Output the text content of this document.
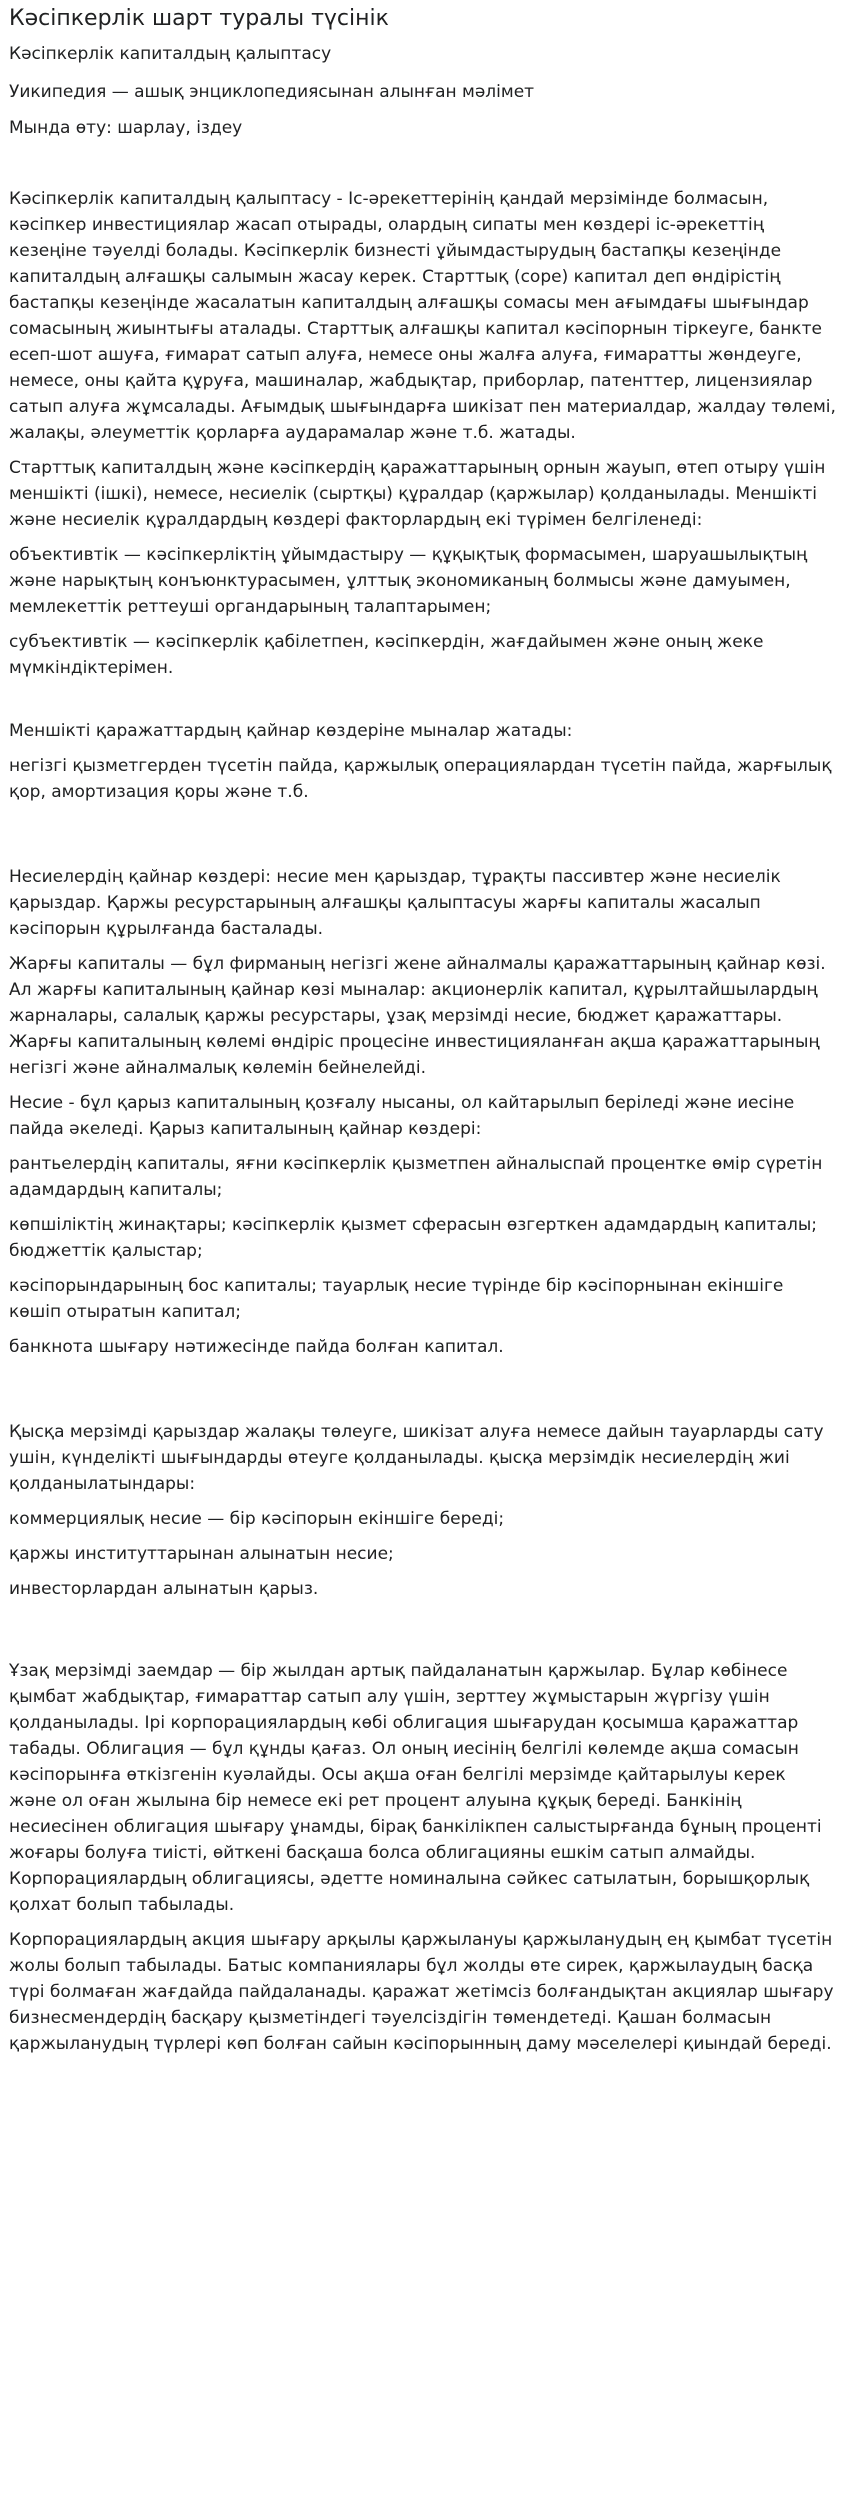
Кәсіпкерлік шарт туралы түсінік
Кәсіпкерлік капиталдың қалыптасу
Уикипедия — ашық энциклопедиясынан алынған мәлімет
Мында өту: шарлау, іздеу

Кәсіпкерлік капиталдың қалыптасу - Іс-әрекеттерінің қандай мерзімінде болмасын, кәсіпкер инвестициялар жасап отырады, олардың сипаты мен көздері іс-әрекеттің кезеңіне тәуелді болады. Кәсіпкерлік бизнесті ұйымдастырудың бастапқы кезеңінде капиталдың алғашқы салымын жасау керек. Старттық (соре) капитал деп өндірістің бастапқы кезеңінде жасалатын капиталдың алғашқы сомасы мен ағымдағы шығындар сомасының жиынтығы аталады. Старттық алғашқы капитал кәсіпорнын тіркеуге, банкте есеп-шот ашуға, ғимарат сатып алуға, немесе оны жалға алуға, ғимаратты жөндеуге, немесе, оны қайта құруға, машиналар, жабдықтар, приборлар, патенттер, лицензиялар сатып алуға жұмсалады. Ағымдық шығындарға шикізат пен материалдар, жалдау төлемі, жалақы, әлеуметтік қорларға аударамалар және т.б. жатады.

Старттық капиталдың және кәсіпкердің қаражаттарының орнын жауып, өтеп отыру үшін меншікті (ішкі), немесе, несиелік (сыртқы) құралдар (қаржылар) қолданылады. Меншікті және несиелік құралдардың көздері факторлардың екі түрімен белгіленеді:

объективтік — кәсіпкерліктің ұйымдастыру — құқықтық формасымен, шаруашылықтың және нарықтың конъюнктурасымен, ұлттық экономиканың болмысы және дамуымен, мемлекеттік реттеуші органдарының талаптарымен;

субъективтік — кәсіпкерлік қабілетпен, кәсіпкердін, жағдайымен және оның жеке мүмкіндіктерімен.

Меншікті қаражаттардың қайнар көздеріне мыналар жатады:

негізгі қызметгерден түсетін пайда, қаржылық операциялардан түсетін пайда, жарғылық қор, амортизация қоры және т.б.

Несиелердің қайнар көздері: несие мен қарыздар, тұрақты пассивтер және несиелік қарыздар. Қаржы ресурстарының алғашқы қалыптасуы жарғы капиталы жасалып кәсіпорын құрылғанда басталады.

Жарғы капиталы — бұл фирманың негізгі жене айналмалы қаражаттарының қайнар көзі. Ал жарғы капиталының қайнар көзі мыналар: акционерлік капитал, құрылтайшылардың жарналары, салалық қаржы ресурстары, ұзақ мерзімді несие, бюджет қаражаттары. Жарғы капиталының көлемі өндіріс процесіне инвестицияланған ақша қаражаттарының негізгі және айналмалық көлемін бейнелейді.

Несие - бұл қарыз капиталының қозғалу нысаны, ол кайтарылып беріледі және иесіне пайда әкеледі. Қарыз капиталының қайнар көздері:

рантьелердің капиталы, яғни кәсіпкерлік қызметпен айналыспай процентке өмір сүретін адамдардың капиталы;

көпшіліктің жинақтары; кәсіпкерлік қызмет сферасын өзгерткен адамдардың капиталы; бюджеттік қалыстар;

кәсіпорындарының бос капиталы; тауарлық несие түрінде бір кәсіпорнынан екіншіге көшіп отыратын капитал;

банкнота шығару нәтижесінде пайда болған капитал.

Қысқа мерзімді қарыздар жалақы төлеуге, шикізат алуға немесе дайын тауарларды сату ушін, күнделікті шығындарды өтеуге қолданылады. қысқа мерзімдік несиелердің жиі қолданылатындары:

коммерциялық несие — бір кәсіпорын екіншіге береді;

қаржы институттарынан алынатын несие;

инвесторлардан алынатын қарыз.

Ұзақ мерзімді заемдар — бір жылдан артық пайдаланатын қаржылар. Бұлар көбінесе қымбат жабдықтар, ғимараттар сатып алу үшін, зерттеу жұмыстарын жүргізу үшін қолданылады. Ірі корпорациялардың көбі облигация шығарудан қосымша қаражаттар табады. Облигация — бұл құнды қағаз. Ол оның иесінің белгілі көлемде ақша сомасын кәсіпорынға өткізгенін куәлайды. Осы ақша оған белгілі мерзімде қайтарылуы керек және ол оған жылына бір немесе екі рет процент алуына құқық береді. Банкінің несиесінен облигация шығару ұнамды, бірақ банкілікпен салыстырғанда бұның проценті жоғары болуға тиісті, өйткені басқаша болса облигацияны ешкім сатып алмайды. Корпорациялардың облигациясы, әдетте номиналына сәйкес сатылатын, борышқорлық қолхат болып табылады.

Корпорациялардың акция шығару арқылы қаржылануы қаржыланудың ең қымбат түсетін жолы болып табылады. Батыс компаниялары бұл жолды өте сирек, қаржылаудың басқа түрі болмаған жағдайда пайдаланады. қаражат жетімсіз болғандықтан акциялар шығару бизнесмендердің басқару қызметіндегі тәуелсіздігін төмендетеді. Қашан болмасын қаржыланудың түрлері көп болған сайын кәсіпорынның даму мәселелері қиындай береді.
